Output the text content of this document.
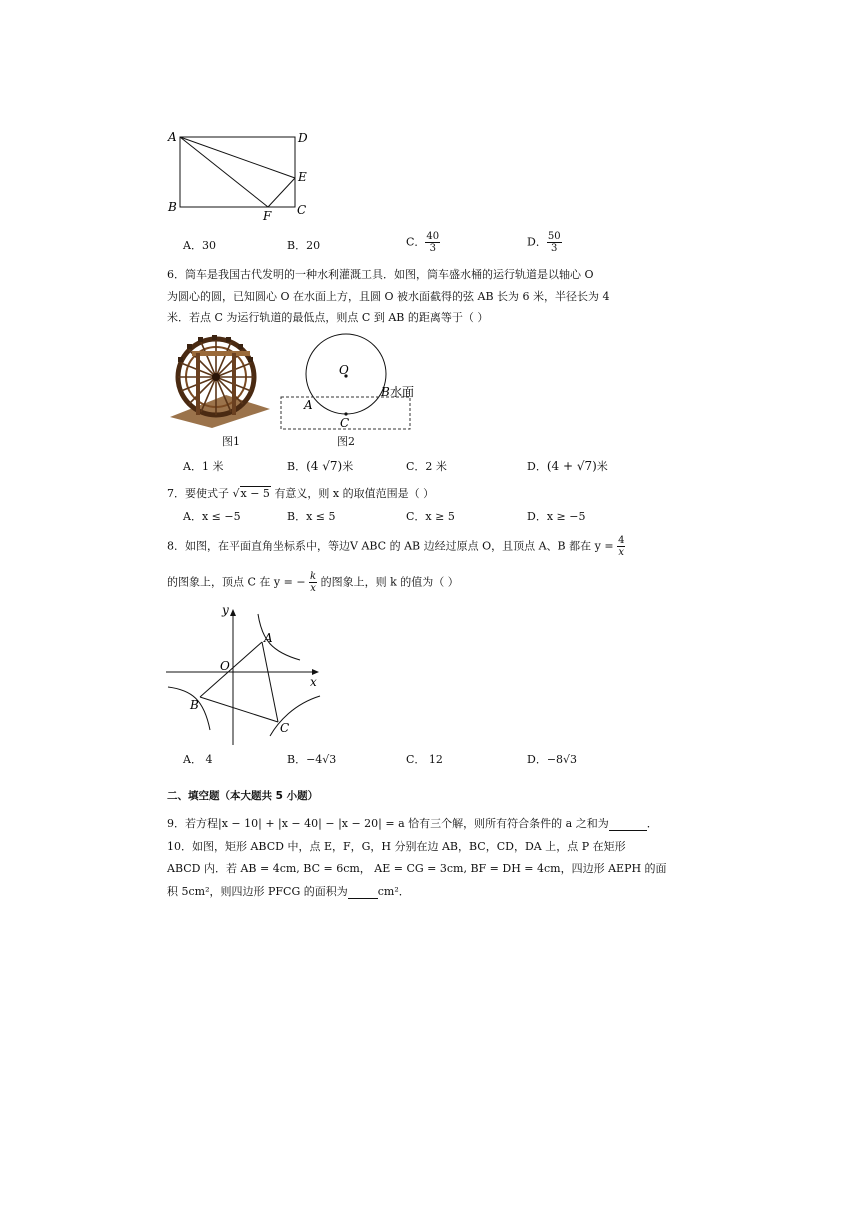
A	D
E
B
F C
A．30	B．20	C． $\frac{40}{3}$	D． $\frac{50}{3}$
6．筒车是我国古代发明的一种水利灌溉工具．如图，筒车盛水桶的运行轨道是以轴心 O
为圆心的圆，已知圆心 O 在水面上方，且圆 O 被水面截得的弦 AB 长为 6 米，半径长为 4
米．若点 C 为运行轨道的最低点，则点 C 到 AB 的距离等于（ ）
图1
O
A
B 水面
C
图2
A．1 米	B．(4 √7)米	C．2 米	D．(4 + √7)米
7．要使式子 √x − 5 有意义，则 x 的取值范围是（ ）
A．x ≤ −5	B．x ≤ 5	C．x ≥ 5	D．x ≥ −5
8．如图，在平面直角坐标系中，等边V ABC 的 AB 边经过原点 O，且顶点 A、B 都在 $y = \frac{4}{x}$
的图象上，顶点 C 在 y = − $\frac{k}{x}$ 的图象上，则 k 的值为（ ）
y
x
O
A
B
C
A． 4	B．−4√3	C． 12	D．−8√3
二、填空题（本大题共 5 小题）
9．若方程|x − 10| + |x − 40| − |x − 20| = a 恰有三个解，则所有符合条件的 a 之和为	．
10．如图，矩形 ABCD 中，点 E，F，G，H 分别在边 AB，BC，CD，DA 上，点 P 在矩形
ABCD 内．若 AB = 4cm, BC = 6cm， AE = CG = 3cm, BF = DH = 4cm，四边形 AEPH 的面
积 5cm²，则四边形 PFCG 的面积为	cm²．
